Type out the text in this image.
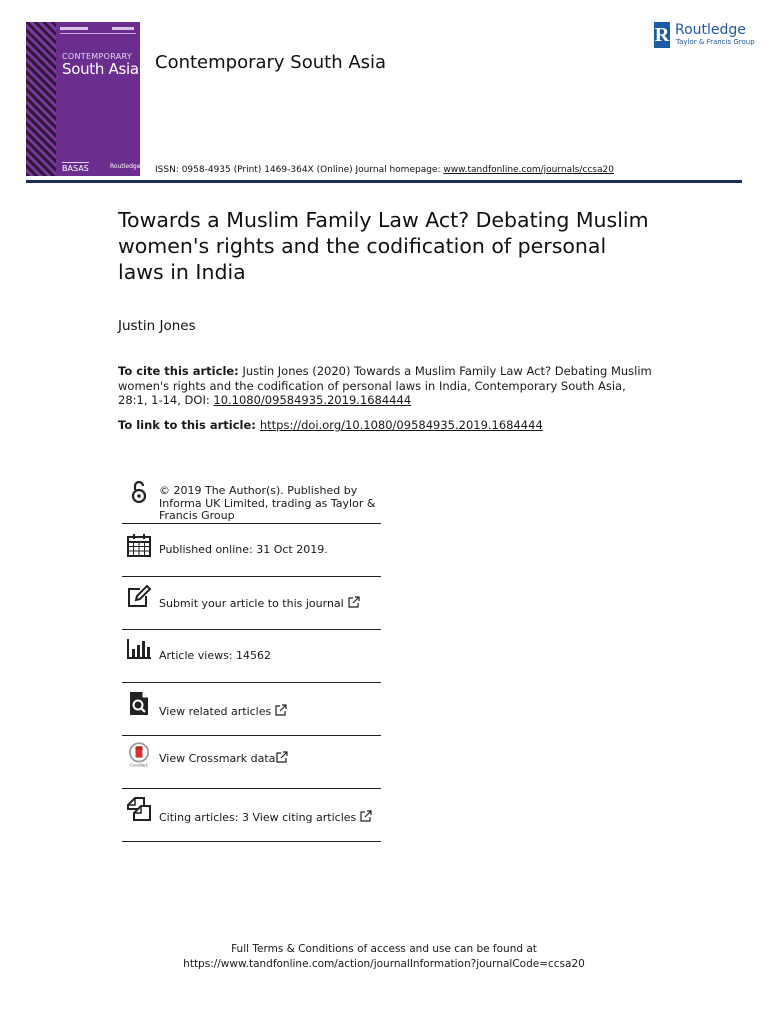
CONTEMPORARY
South Asia
BASAS	Routledge
Contemporary South Asia
R Routledge
Taylor & Francis Group
ISSN: 0958-4935 (Print) 1469-364X (Online) Journal homepage: www.tandfonline.com/journals/ccsa20
Towards a Muslim Family Law Act? Debating Muslim women's rights and the codification of personal laws in India
Justin Jones
To cite this article: Justin Jones (2020) Towards a Muslim Family Law Act? Debating Muslim women's rights and the codification of personal laws in India, Contemporary South Asia, 28:1, 1-14, DOI: 10.1080/09584935.2019.1684444
To link to this article: https://doi.org/10.1080/09584935.2019.1684444
© 2019 The Author(s). Published by Informa UK Limited, trading as Taylor & Francis Group
Published online: 31 Oct 2019.
Submit your article to this journal
Article views: 14562
View related articles
CrossMark
View Crossmark data
Citing articles: 3 View citing articles
Full Terms & Conditions of access and use can be found at
https://www.tandfonline.com/action/journalInformation?journalCode=ccsa20
